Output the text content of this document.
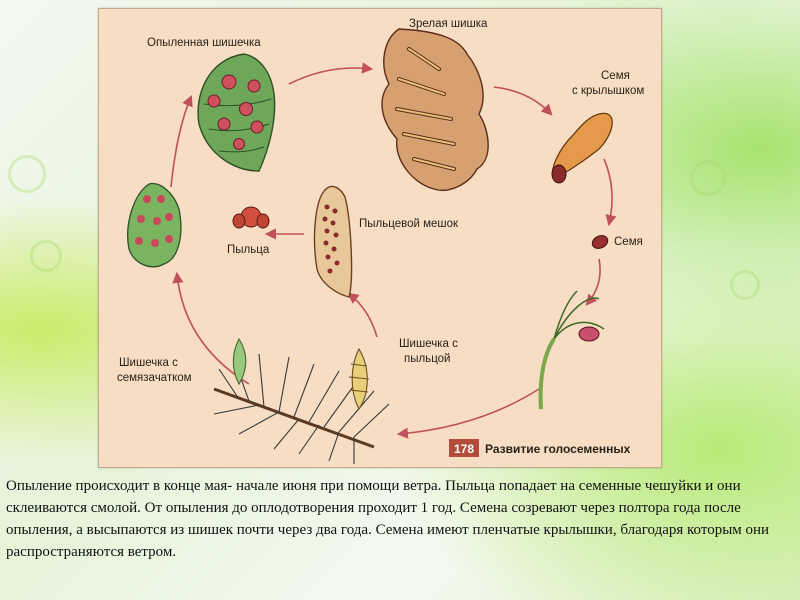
Опыленная шишечка
Зрелая шишка
Семя
с крылышком
Семя
Пыльцевой мешок
Пыльца
Шишечка с
семязачатком
Шишечка с
пыльцой
178 Развитие голосеменных
Опыление происходит в конце мая- начале июня при помощи ветра. Пыльца попадает на семенные чешуйки и они склеиваются смолой. От опыления до оплодотворения проходит 1 год. Семена созревают через полтора года после опыления, а высыпаются из шишек почти через два года. Семена имеют пленчатые крылышки, благодаря которым они распространяются ветром.
